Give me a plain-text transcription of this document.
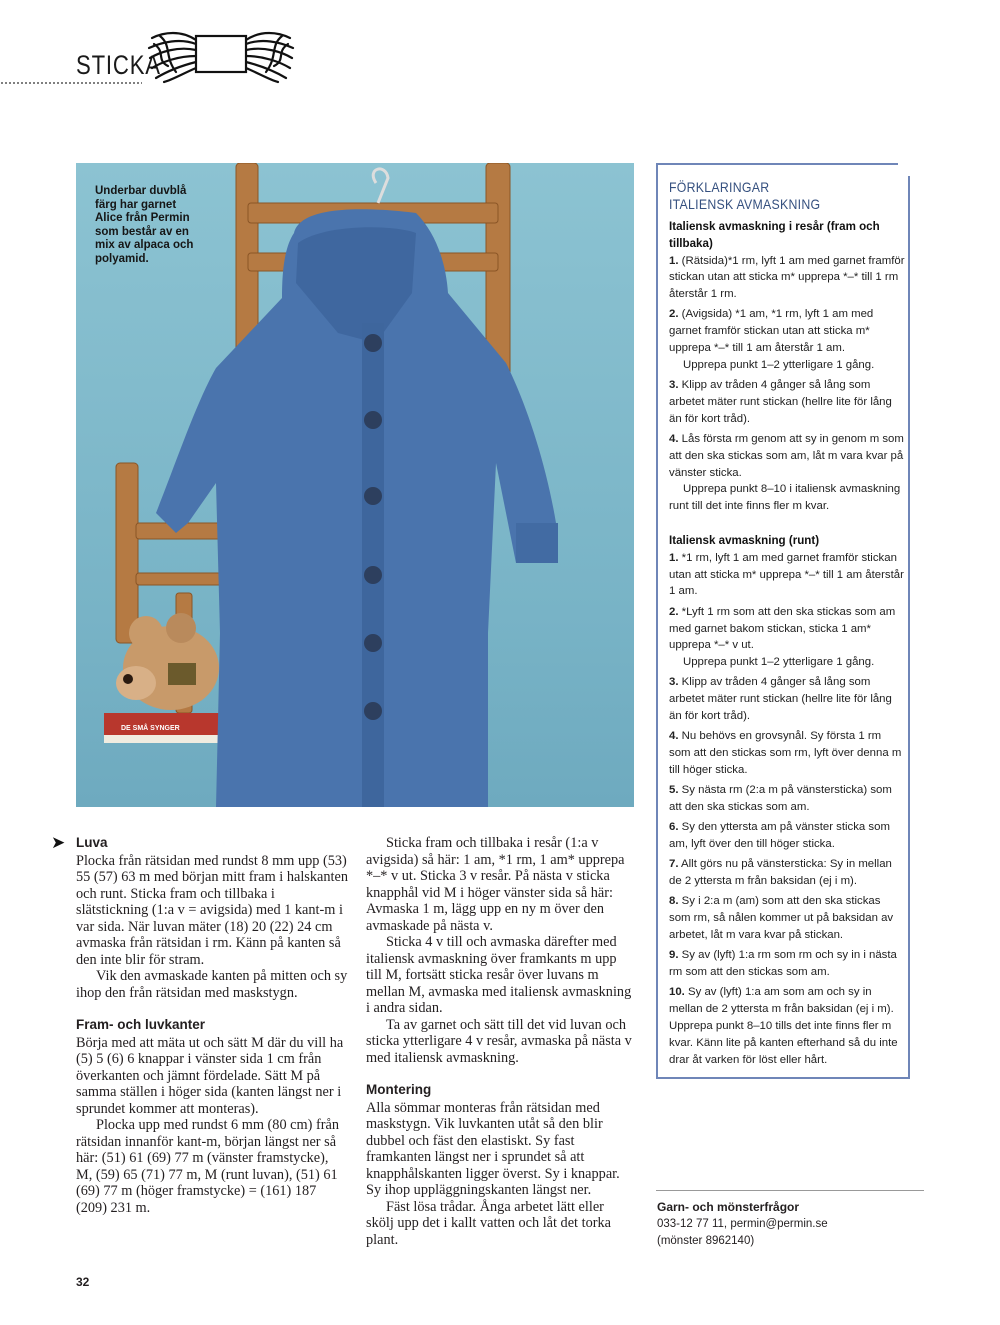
STICKA
DE SMÅ SYNGER
Underbar duvblå färg har garnet Alice från Permin som består av en mix av alpaca och polyamid.
➤ Luva

Plocka från rätsidan med rundst 8 mm upp (53) 55 (57) 63 m med början mitt fram i halskanten och runt. Sticka fram och tillbaka i slätstickning (1:a v = avigsida) med 1 kant-m i var sida. När luvan mäter (18) 20 (22) 24 cm avmaska från rätsidan i rm. Känn på kanten så den inte blir för stram.

Vik den avmaskade kanten på mitten och sy ihop den från rätsidan med maskstygn.

Fram- och luvkanter

Börja med att mäta ut och sätt M där du vill ha (5) 5 (6) 6 knappar i vänster sida 1 cm från överkanten och jämnt fördelade. Sätt M på samma ställen i höger sida (kanten längst ner i sprundet kommer att monteras).

Plocka upp med rundst 6 mm (80 cm) från rätsidan innanför kant-m, början längst ner så här: (51) 61 (69) 77 m (vänster framstycke), M, (59) 65 (71) 77 m, M (runt luvan), (51) 61 (69) 77 m (höger framstycke) = (161) 187 (209) 231 m.

Sticka fram och tillbaka i resår (1:a v avigsida) så här: 1 am, *1 rm, 1 am* upprepa *–* v ut. Sticka 3 v resår. På nästa v sticka knapphål vid M i höger vänster sida så här: Avmaska 1 m, lägg upp en ny m över den avmaskade på nästa v.

Sticka 4 v till och avmaska därefter med italiensk avmaskning över framkants m upp till M, fortsätt sticka resår över luvans m mellan M, avmaska med italiensk avmaskning i andra sidan.

Ta av garnet och sätt till det vid luvan och sticka ytterligare 4 v resår, avmaska på nästa v med italiensk avmaskning.

Montering

Alla sömmar monteras från rätsidan med maskstygn. Vik luvkanten utåt så den blir dubbel och fäst den elastiskt. Sy fast framkanten längst ner i sprundet så att knapphålskanten ligger överst. Sy i knappar. Sy ihop uppläggningskanten längst ner.

Fäst lösa trådar. Ånga arbetet lätt eller skölj upp det i kallt vatten och låt det torka plant.

FÖRKLARINGAR
ITALIENSK AVMASKNING
Italiensk avmaskning i resår (fram och tillbaka)
1. (Rätsida)*1 rm, lyft 1 am med garnet framför stickan utan att sticka m* upprepa *–* till 1 rm återstår 1 rm.
2. (Avigsida) *1 am, *1 rm, lyft 1 am med garnet framför stickan utan att sticka m* upprepa *–* till 1 am återstår 1 am.
Upprepa punkt 1–2 ytterligare 1 gång.
3. Klipp av tråden 4 gånger så lång som arbetet mäter runt stickan (hellre lite för lång än för kort tråd).
4. Lås första rm genom att sy in genom m som att den ska stickas som am, låt m vara kvar på vänster sticka.
Upprepa punkt 8–10 i italiensk avmaskning runt till det inte finns fler m kvar.
Italiensk avmaskning (runt)
1. *1 rm, lyft 1 am med garnet framför stickan utan att sticka m* upprepa *–* till 1 am återstår 1 am.
2. *Lyft 1 rm som att den ska stickas som am med garnet bakom stickan, sticka 1 am* upprepa *–* v ut.
Upprepa punkt 1–2 ytterligare 1 gång.
3. Klipp av tråden 4 gånger så lång som arbetet mäter runt stickan (hellre lite för lång än för kort tråd).
4. Nu behövs en grovsynål. Sy första 1 rm som att den stickas som rm, lyft över denna m till höger sticka.
5. Sy nästa rm (2:a m på vänstersticka) som att den ska stickas som am.
6. Sy den yttersta am på vänster sticka som am, lyft över den till höger sticka.
7. Allt görs nu på vänstersticka: Sy in mellan de 2 yttersta m från baksidan (ej i m).
8. Sy i 2:a m (am) som att den ska stickas som rm, så nålen kommer ut på baksidan av arbetet, låt m vara kvar på stickan.
9. Sy av (lyft) 1:a rm som rm och sy in i nästa rm som att den stickas som am.
10. Sy av (lyft) 1:a am som am och sy in mellan de 2 yttersta m från baksidan (ej i m). Upprepa punkt 8–10 tills det inte finns fler m kvar. Känn lite på kanten efterhand så du inte drar åt varken för löst eller hårt.
Garn- och mönsterfrågor
033-12 77 11, permin@permin.se
(mönster 8962140)
32
